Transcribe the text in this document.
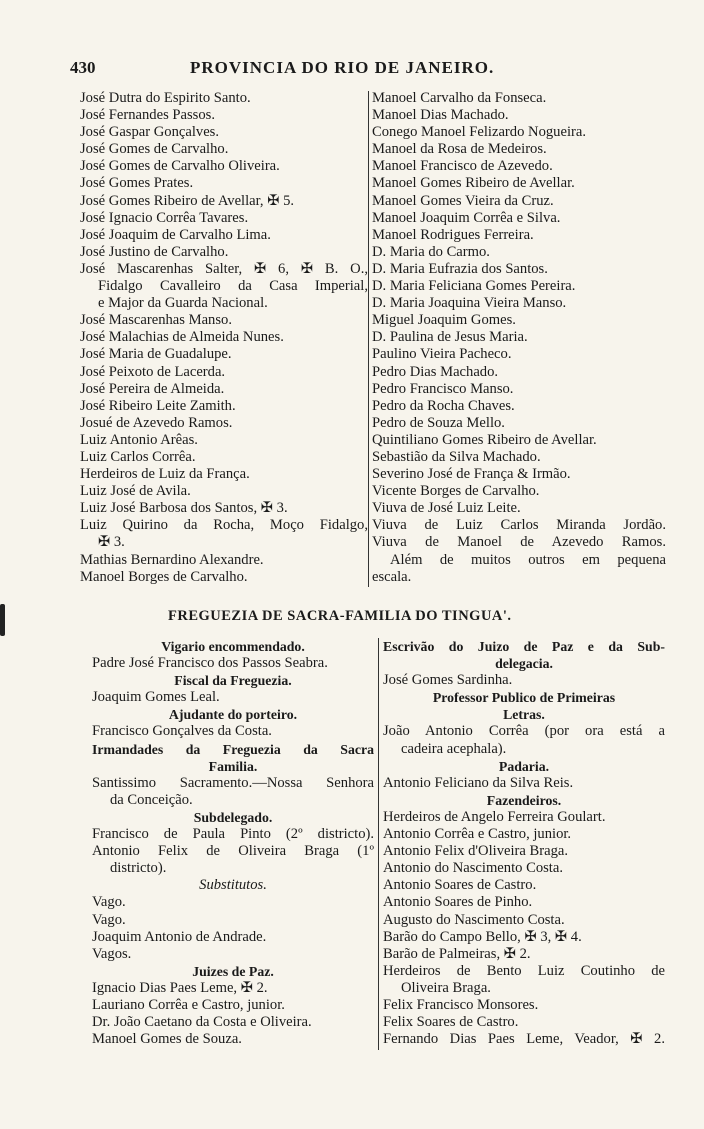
430	PROVINCIA DO RIO DE JANEIRO.
José Dutra do Espirito Santo.
José Fernandes Passos.
José Gaspar Gonçalves.
José Gomes de Carvalho.
José Gomes de Carvalho Oliveira.
José Gomes Prates.
José Gomes Ribeiro de Avellar, ✠ 5.
José Ignacio Corrêa Tavares.
José Joaquim de Carvalho Lima.
José Justino de Carvalho.
José Mascarenhas Salter, ✠ 6, ✠ B. O.,
Fidalgo Cavalleiro da Casa Imperial,
e Major da Guarda Nacional.
José Mascarenhas Manso.
José Malachias de Almeida Nunes.
José Maria de Guadalupe.
José Peixoto de Lacerda.
José Pereira de Almeida.
José Ribeiro Leite Zamith.
Josué de Azevedo Ramos.
Luiz Antonio Arêas.
Luiz Carlos Corrêa.
Herdeiros de Luiz da França.
Luiz José de Avila.
Luiz José Barbosa dos Santos, ✠ 3.
Luiz Quirino da Rocha, Moço Fidalgo,
✠ 3.
Mathias Bernardino Alexandre.
Manoel Borges de Carvalho.
Manoel Carvalho da Fonseca.
Manoel Dias Machado.
Conego Manoel Felizardo Nogueira.
Manoel da Rosa de Medeiros.
Manoel Francisco de Azevedo.
Manoel Gomes Ribeiro de Avellar.
Manoel Gomes Vieira da Cruz.
Manoel Joaquim Corrêa e Silva.
Manoel Rodrigues Ferreira.
D. Maria do Carmo.
D. Maria Eufrazia dos Santos.
D. Maria Feliciana Gomes Pereira.
D. Maria Joaquina Vieira Manso.
Miguel Joaquim Gomes.
D. Paulina de Jesus Maria.
Paulino Vieira Pacheco.
Pedro Dias Machado.
Pedro Francisco Manso.
Pedro da Rocha Chaves.
Pedro de Souza Mello.
Quintiliano Gomes Ribeiro de Avellar.
Sebastião da Silva Machado.
Severino José de França & Irmão.
Vicente Borges de Carvalho.
Viuva de José Luiz Leite.
Viuva de Luiz Carlos Miranda Jordão.
Viuva de Manoel de Azevedo Ramos.
Além de muitos outros em pequena
escala.
FREGUEZIA DE SACRA-FAMILIA DO TINGUA'.
Vigario encommendado.
Padre José Francisco dos Passos Seabra.
Fiscal da Freguezia.
Joaquim Gomes Leal.
Ajudante do porteiro.
Francisco Gonçalves da Costa.
Irmandades da Freguezia da Sacra
Familia.
Santissimo Sacramento.—Nossa Senhora
da Conceição.
Subdelegado.
Francisco de Paula Pinto (2º districto).
Antonio Felix de Oliveira Braga (1º
districto).
Substitutos.
Vago.
Vago.
Joaquim Antonio de Andrade.
Vagos.
Juizes de Paz.
Ignacio Dias Paes Leme, ✠ 2.
Lauriano Corrêa e Castro, junior.
Dr. João Caetano da Costa e Oliveira.
Manoel Gomes de Souza.
Escrivão do Juizo de Paz e da Sub-
delegacia.
José Gomes Sardinha.
Professor Publico de Primeiras
Letras.
João Antonio Corrêa (por ora está a
cadeira acephala).
Padaria.
Antonio Feliciano da Silva Reis.
Fazendeiros.
Herdeiros de Angelo Ferreira Goulart.
Antonio Corrêa e Castro, junior.
Antonio Felix d'Oliveira Braga.
Antonio do Nascimento Costa.
Antonio Soares de Castro.
Antonio Soares de Pinho.
Augusto do Nascimento Costa.
Barão do Campo Bello, ✠ 3, ✠ 4.
Barão de Palmeiras, ✠ 2.
Herdeiros de Bento Luiz Coutinho de
Oliveira Braga.
Felix Francisco Monsores.
Felix Soares de Castro.
Fernando Dias Paes Leme, Veador, ✠ 2.
